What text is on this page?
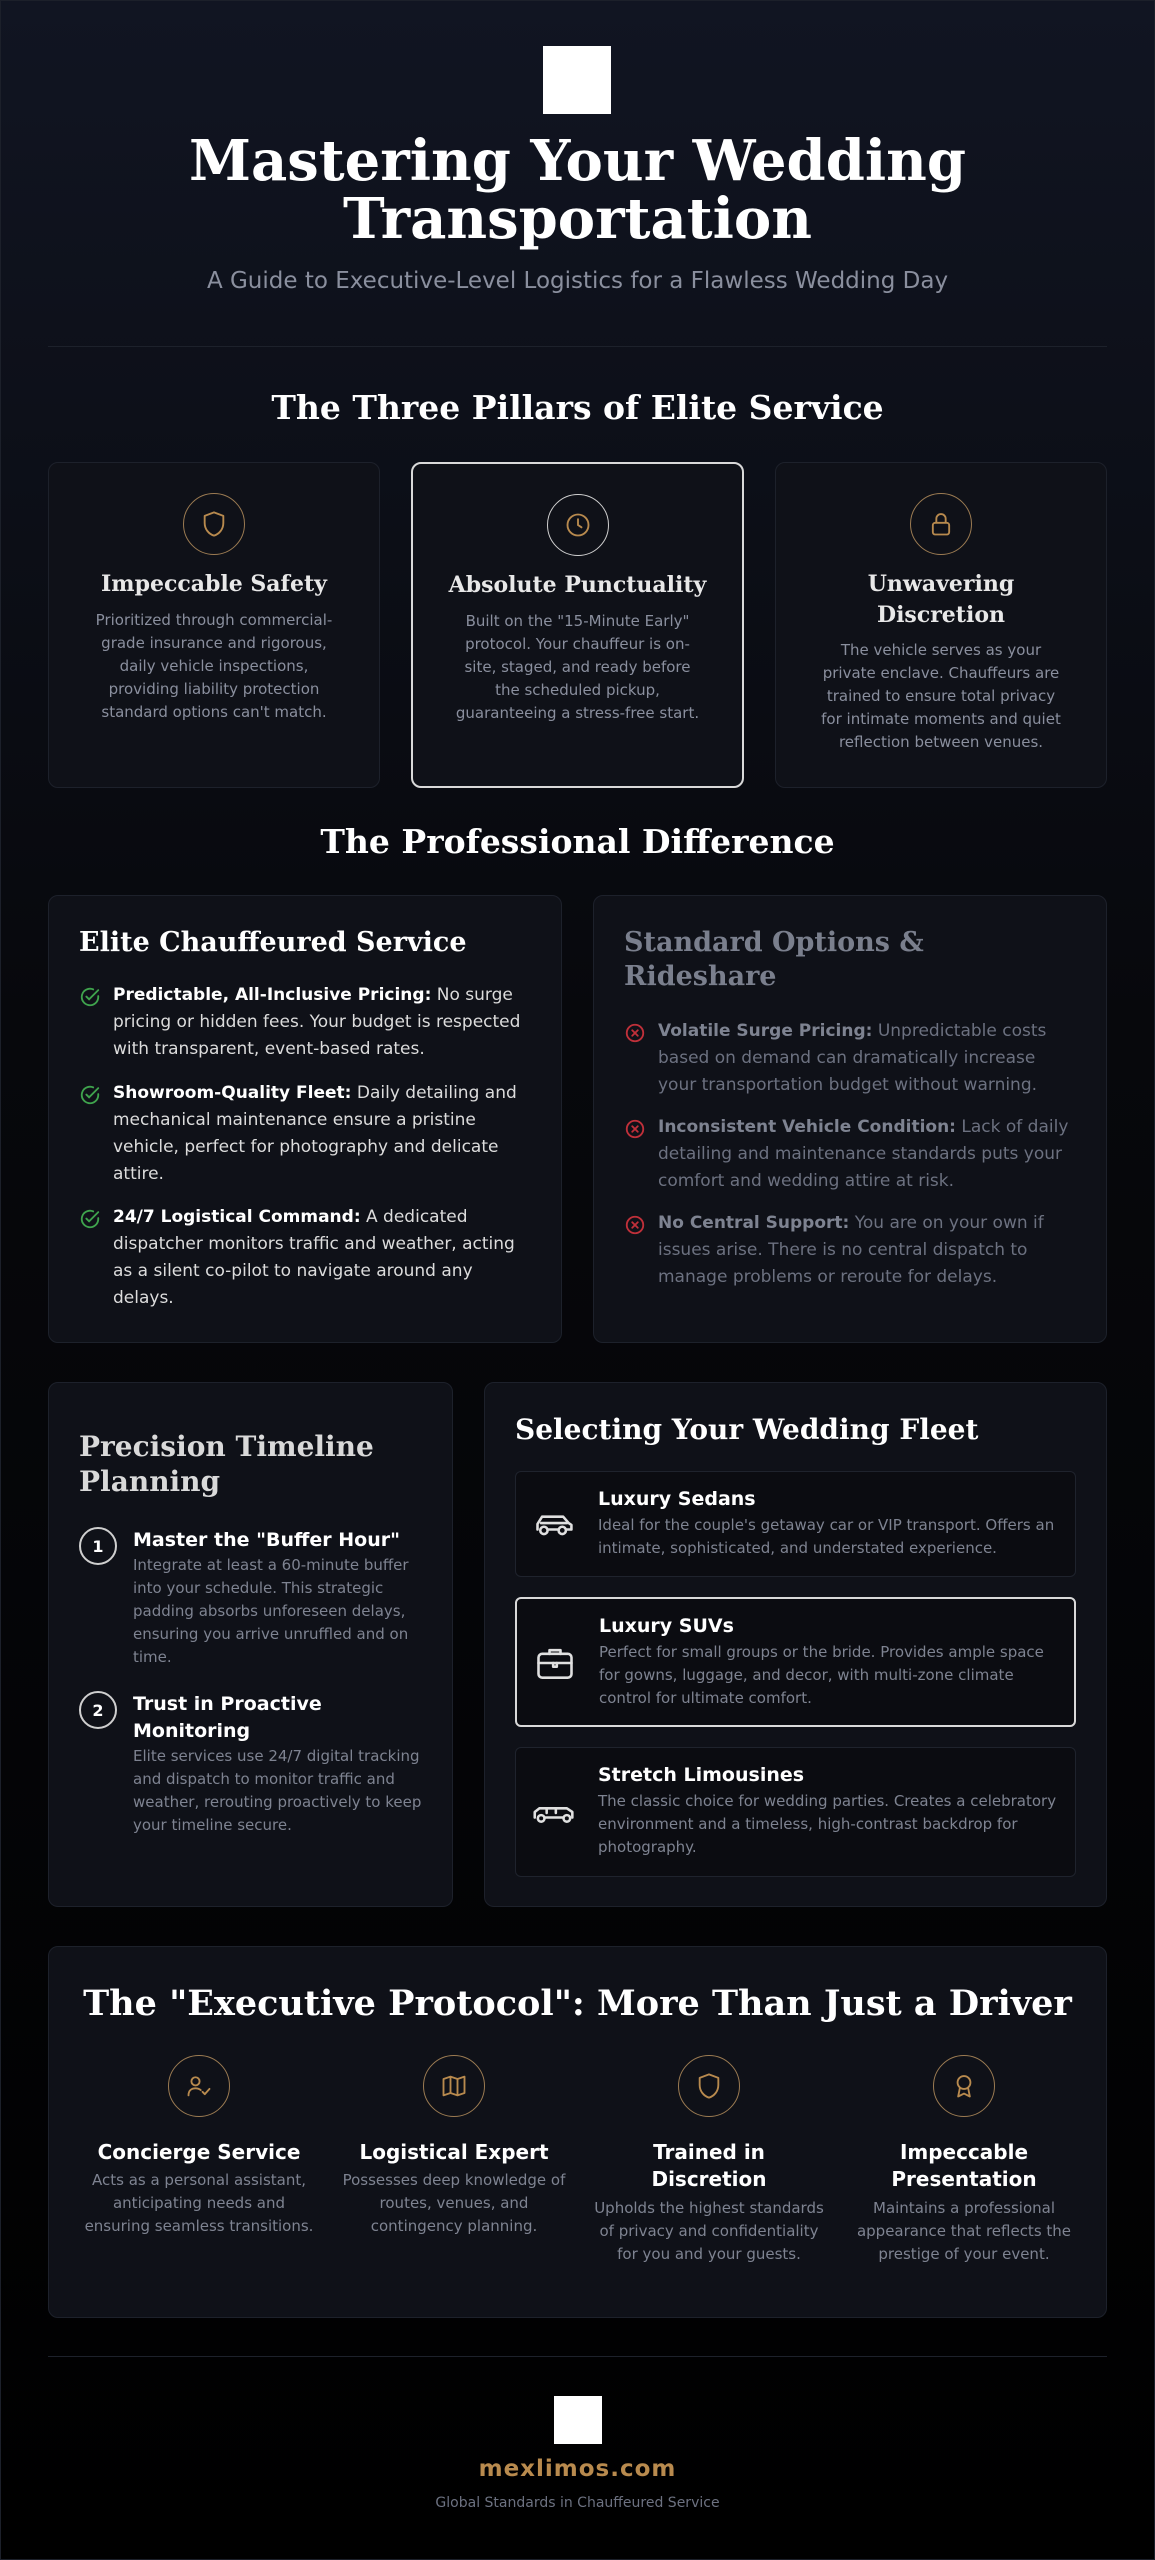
Mastering Your Wedding Transportation
A Guide to Executive-Level Logistics for a Flawless Wedding Day
The Three Pillars of Elite Service
Impeccable Safety

Prioritized through commercial-grade insurance and rigorous, daily vehicle inspections, providing liability protection standard options can't match.

Absolute Punctuality

Built on the "15-Minute Early" protocol. Your chauffeur is on-site, staged, and ready before the scheduled pickup, guaranteeing a stress-free start.

Unwavering Discretion

The vehicle serves as your private enclave. Chauffeurs are trained to ensure total privacy for intimate moments and quiet reflection between venues.

The Professional Difference
Elite Chauffeured Service
Predictable, All-Inclusive Pricing: No surge pricing or hidden fees. Your budget is respected with transparent, event-based rates.
Showroom-Quality Fleet: Daily detailing and mechanical maintenance ensure a pristine vehicle, perfect for photography and delicate attire.
24/7 Logistical Command: A dedicated dispatcher monitors traffic and weather, acting as a silent co-pilot to navigate around any delays.
Standard Options & Rideshare
Volatile Surge Pricing: Unpredictable costs based on demand can dramatically increase your transportation budget without warning.
Inconsistent Vehicle Condition: Lack of daily detailing and maintenance standards puts your comfort and wedding attire at risk.
No Central Support: You are on your own if issues arise. There is no central dispatch to manage problems or reroute for delays.
Precision Timeline Planning
1	Master the "Buffer Hour"

Integrate at least a 60-minute buffer into your schedule. This strategic padding absorbs unforeseen delays, ensuring you arrive unruffled and on time.

2	Trust in Proactive Monitoring

Elite services use 24/7 digital tracking and dispatch to monitor traffic and weather, rerouting proactively to keep your timeline secure.

Selecting Your Wedding Fleet
Luxury Sedans

Ideal for the couple's getaway car or VIP transport. Offers an intimate, sophisticated, and understated experience.

Luxury SUVs

Perfect for small groups or the bride. Provides ample space for gowns, luggage, and decor, with multi-zone climate control for ultimate comfort.

Stretch Limousines

The classic choice for wedding parties. Creates a celebratory environment and a timeless, high-contrast backdrop for photography.

The "Executive Protocol": More Than Just a Driver
Concierge Service

Acts as a personal assistant, anticipating needs and ensuring seamless transitions.

Logistical Expert

Possesses deep knowledge of routes, venues, and contingency planning.

Trained in Discretion

Upholds the highest standards of privacy and confidentiality for you and your guests.

Impeccable Presentation

Maintains a professional appearance that reflects the prestige of your event.

mexlimos.com
Global Standards in Chauffeured Service
